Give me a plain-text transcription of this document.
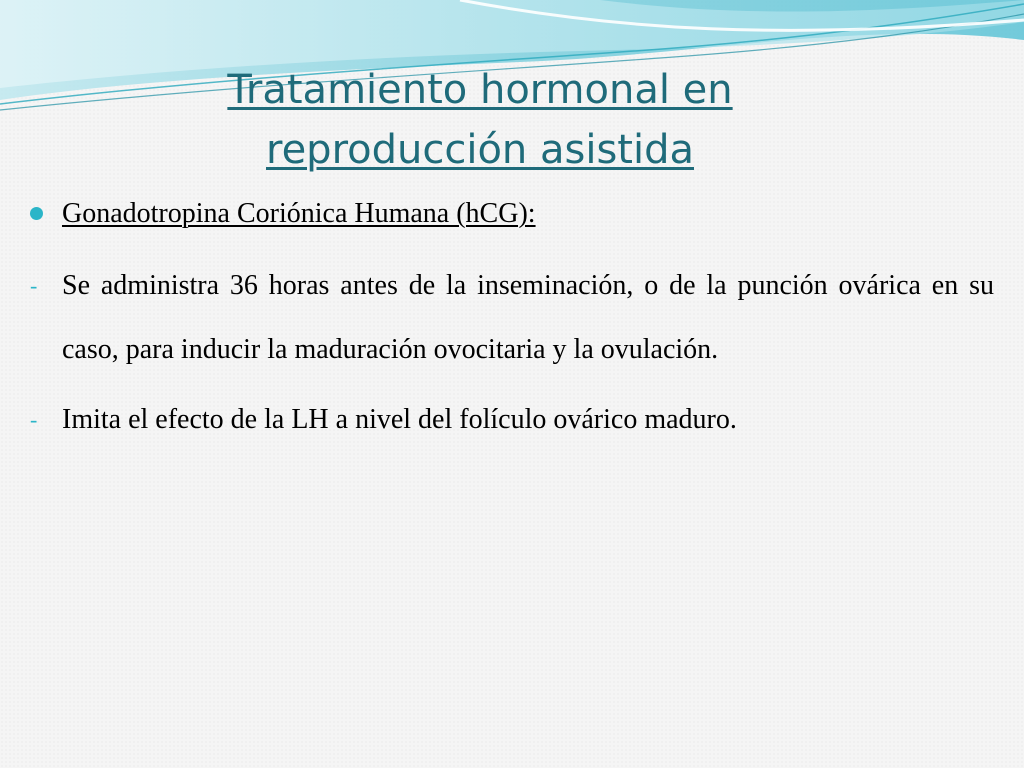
Tratamiento hormonal en
reproducción asistida
Gonadotropina Coriónica Humana (hCG):
- Se administra 36 horas antes de la inseminación, o de la punción ovárica en su caso, para inducir la maduración ovocitaria y la ovulación.
- Imita el efecto de la LH a nivel del folículo ovárico maduro.
